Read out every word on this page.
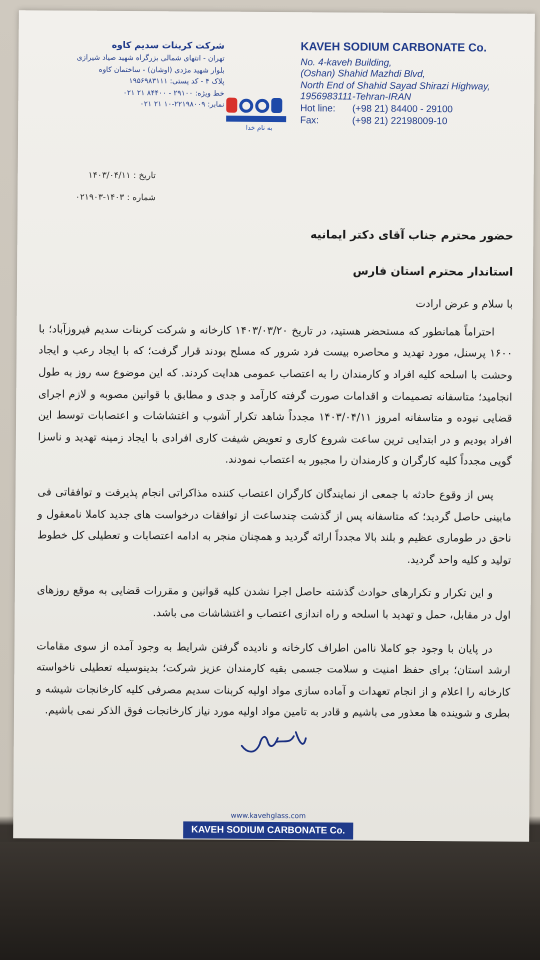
KAVEH SODIUM CARBONATE Co.
No. 4-kaveh Building,
(Oshan) Shahid Mazhdi Blvd,
North End of Shahid Sayad Shirazi Highway,
1956983111-Tehran-IRAN
Hot line:	(+98 21) 84400 - 29100
Fax:	(+98 21) 22198009-10
شرکت کربنات سدیم کاوه
تهران - انتهای شمالی بزرگراه شهید صیاد شیرازی
بلوار شهید مژدی (اوشان) - ساختمان کاوه
پلاک ۴ - کد پستی: ۱۹۵۶۹۸۳۱۱۱
خط ویژه: ۲۹۱۰۰ - ۸۴۴۰۰ ۲۱ ۰۲۱
نمابر: ۲۲۱۹۸۰۰۹-۱۰ ۲۱ ۰۲۱
به نام خدا
تاریخ : ۱۴۰۳/۰۴/۱۱
شماره : ۱۴۰۳-۰۲۱۹۰۳

حضور محترم جناب آقای دکتر ایمانیه

استاندار محترم استان فارس

با سلام و عرض ارادت

احتراماً همانطور که مستحضر هستید، در تاریخ ۱۴۰۳/۰۳/۲۰ کارخانه و شرکت کربنات سدیم فیروزآباد؛ با ۱۶۰۰ پرسنل، مورد تهدید و محاصره بیست فرد شرور که مسلح بودند قرار گرفت؛ که با ایجاد رعب و ایجاد وحشت با اسلحه کلیه افراد و کارمندان را به اعتصاب عمومی هدایت کردند. که این موضوع سه روز به طول انجامید؛ متاسفانه تصمیمات و اقدامات صورت گرفته کارآمد و جدی و مطابق با قوانین مصوبه و لازم اجرای قضایی نبوده و متاسفانه امروز ۱۴۰۳/۰۴/۱۱ مجدداً شاهد تکرار آشوب و اغتشاشات و اعتصابات توسط این افراد بودیم و در ابتدایی ترین ساعت شروع کاری و تعویض شیفت کاری افرادی با ایجاد زمینه تهدید و ناسزا گویی مجدداً کلیه کارگران و کارمندان را مجبور به اعتصاب نمودند.

پس از وقوع حادثه با جمعی از نمایندگان کارگران اعتصاب کننده مذاکراتی انجام پذیرفت و توافقاتی فی مابینی حاصل گردید؛ که متاسفانه پس از گذشت چندساعت از توافقات درخواست های جدید کاملا نامعقول و ناحق در طوماری عظیم و بلند بالا مجدداً ارائه گردید و همچنان منجر به ادامه اعتصابات و تعطیلی کل خطوط تولید و کلیه واحد گردید.

و این تکرار و تکرارهای حوادث گذشته حاصل اجرا نشدن کلیه قوانین و مقررات قضایی به موقع روزهای اول در مقابل، حمل و تهدید با اسلحه و راه اندازی اعتصاب و اغتشاشات می باشد.

در پایان با وجود جو کاملا ناامن اطراف کارخانه و نادیده گرفتن شرایط به وجود آمده از سوی مقامات ارشد استان؛ برای حفظ امنیت و سلامت جسمی بقیه کارمندان عزیز شرکت؛ بدینوسیله تعطیلی ناخواسته کارخانه را اعلام و از انجام تعهدات و آماده سازی مواد اولیه کربنات سدیم مصرفی کلیه کارخانجات شیشه و بطری و شوینده ها معذور می باشیم و قادر به تامین مواد اولیه مورد نیاز کارخانجات فوق الذکر نمی باشیم.

www.kavehglass.com
KAVEH SODIUM CARBONATE Co.
